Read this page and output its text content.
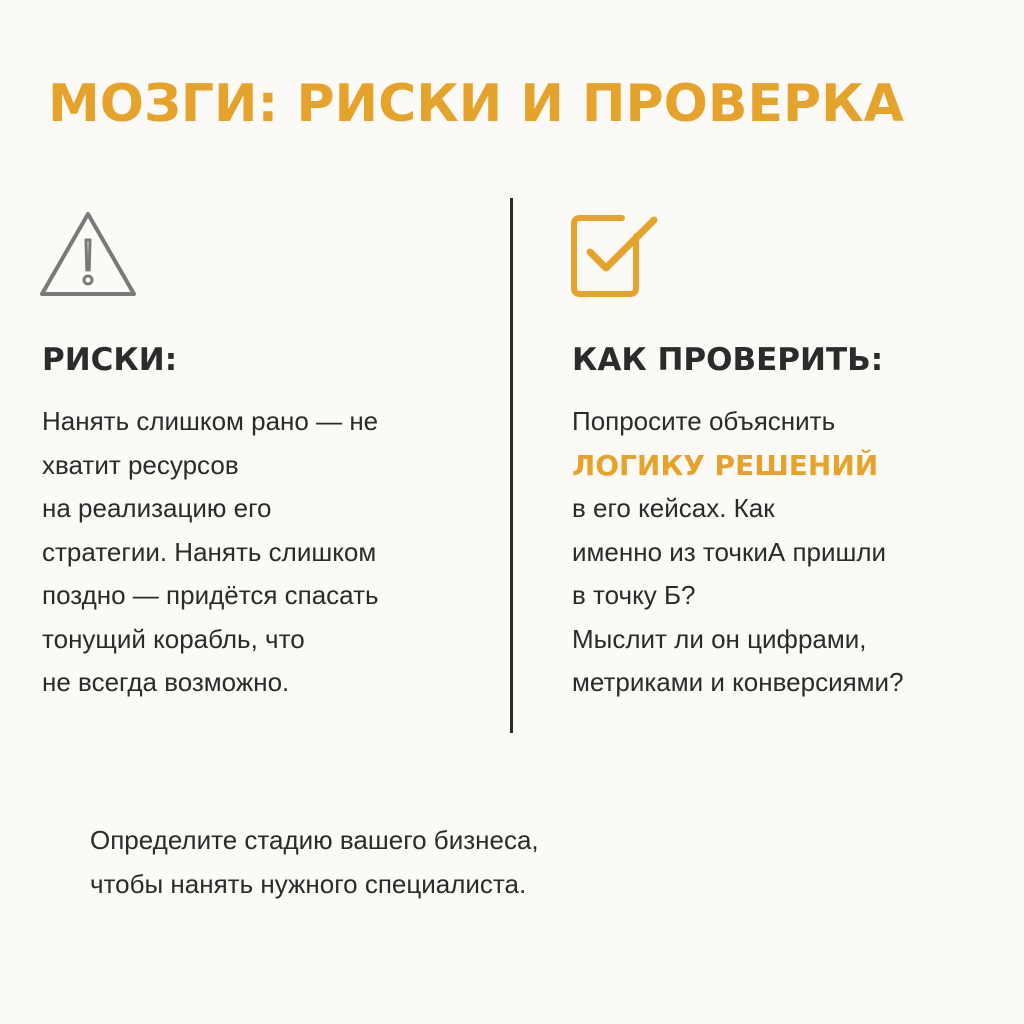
МОЗГИ: РИСКИ И ПРОВЕРКА
РИСКИ:
Нанять слишком рано — не
хватит ресурсов
на реализацию его
стратегии. Нанять слишком
поздно — придётся спасать
тонущий корабль, что
не всегда возможно.
КАК ПРОВЕРИТЬ:
Попросите объяснить
ЛОГИКУ РЕШЕНИЙ
в его кейсах. Как
именно из точкиА пришли
в точку Б?
Мыслит ли он цифрами,
метриками и конверсиями?
Определите стадию вашего бизнеса,
чтобы нанять нужного специалиста.
